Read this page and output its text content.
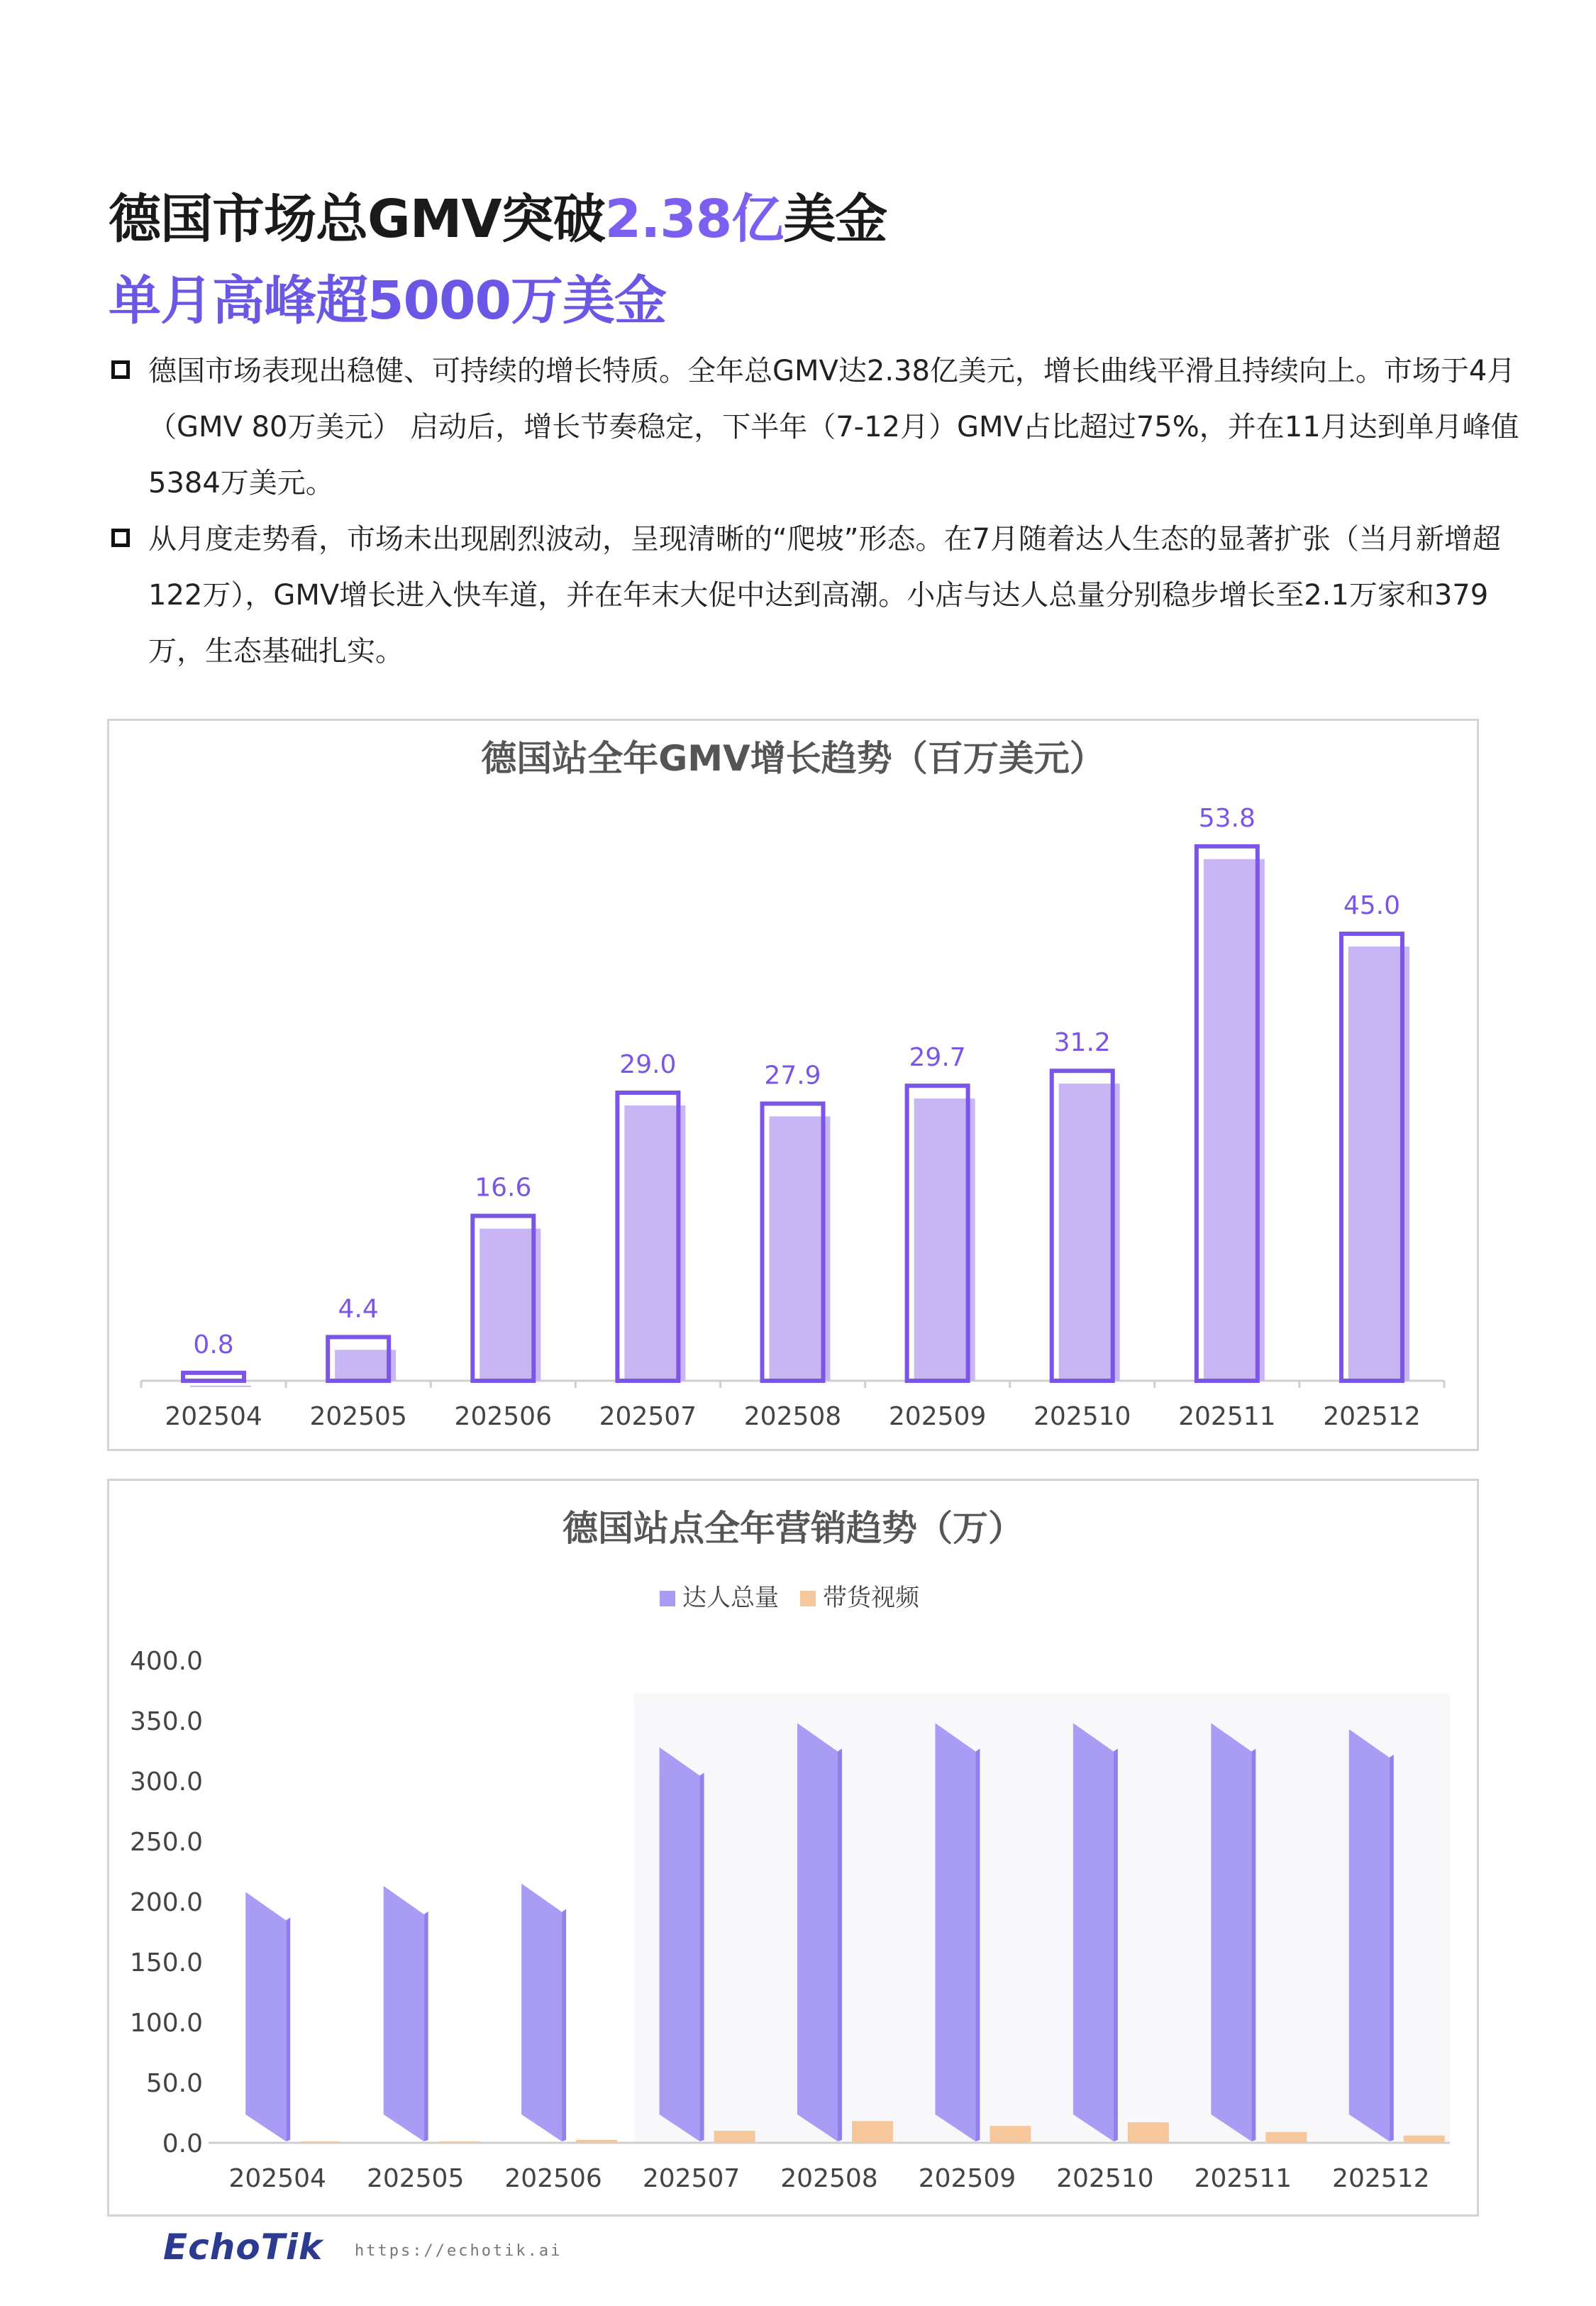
德国市场总GMV突破2.38亿美金
单月高峰超5000万美金
德国市场表现出稳健、可持续的增长特质。全年总GMV达2.38亿美元，增长曲线平滑且持续向上。市场于4月（GMV 80万美元） 启动后，增长节奏稳定，下半年（7-12月）GMV占比超过75%，并在11月达到单月峰值5384万美元。
从月度走势看，市场未出现剧烈波动，呈现清晰的“爬坡”形态。在7月随着达人生态的显著扩张（当月新增超122万），GMV增长进入快车道，并在年末大促中达到高潮。小店与达人总量分别稳步增长至2.1万家和379万，生态基础扎实。
德国站全年GMV增长趋势（百万美元）
0.8
202504
4.4
202505
16.6
202506
29.0
202507
27.9
202508
29.7
202509
31.2
202510
53.8
202511
45.0
202512
德国站点全年营销趋势（万）
达人总量 带货视频
0.0
50.0
100.0
150.0
200.0
250.0
300.0
350.0
400.0
202504 202505 202506 202507 202508 202509 202510 202511 202512
EchoTik https://echotik.ai
